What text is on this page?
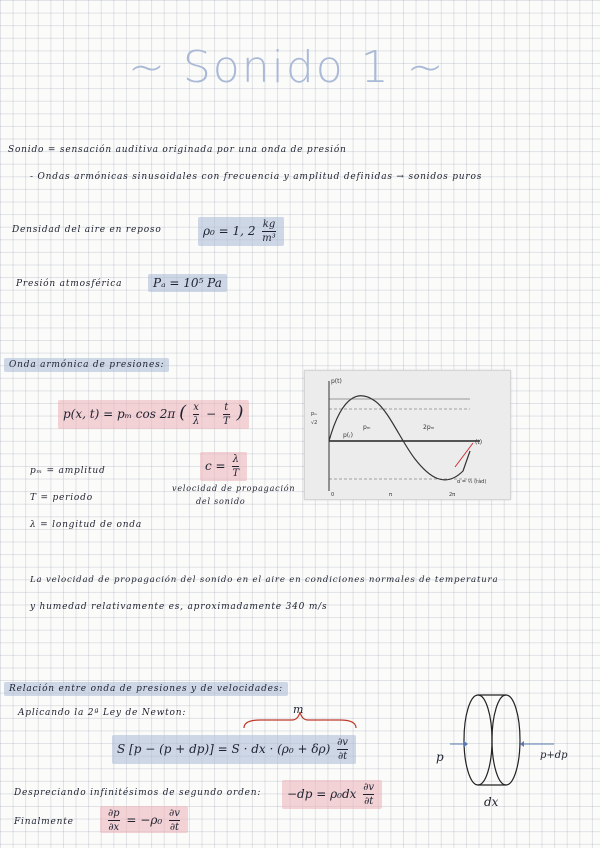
~ Sonido 1 ~
Sonido = sensación auditiva originada por una onda de presión
- Ondas armónicas sinusoidales con frecuencia y amplitud definidas → sonidos puros
Densidad del aire en reposo	ρ₀ = 1, $2 \frac{kg}{\text{m³}}$
Presión atmosférica	Pₐ = 10⁵ Pa
Onda armónica de presiones:
p(x, t) = pₘ cos 2π ( $\frac{x}{\lambda} - \frac{t}{T}$ )
$c = \frac{\lambda}{T}$
velocidad de propagación
del sonido
pₘ = amplitud
T = periodo
λ = longitud de onda
p(t)
pₘ
√2
pₘ	2pₘ
p(₍)
(t)
α = ½ (rad)
0	π	2π
La velocidad de propagación del sonido en el aire en condiciones normales de temperatura
y humedad relativamente es, aproximadamente 340 m/s
Relación entre onda de presiones y de velocidades:
Aplicando la 2ª Ley de Newton:	m
S [p − (p + dp)] = S · dx · $(\rho_0 + \delta\rho) \frac{\partial v}{\partial t}$	p	p+dp
dx
Despreciando infinitésimos de segundo orden:	$-dp = \rho_0dx \frac{\partial v}{\partial t}$
Finalmente	$\frac{\partial p}{\partial x} = -\rho_0 \frac{\partial v}{\partial t}$
